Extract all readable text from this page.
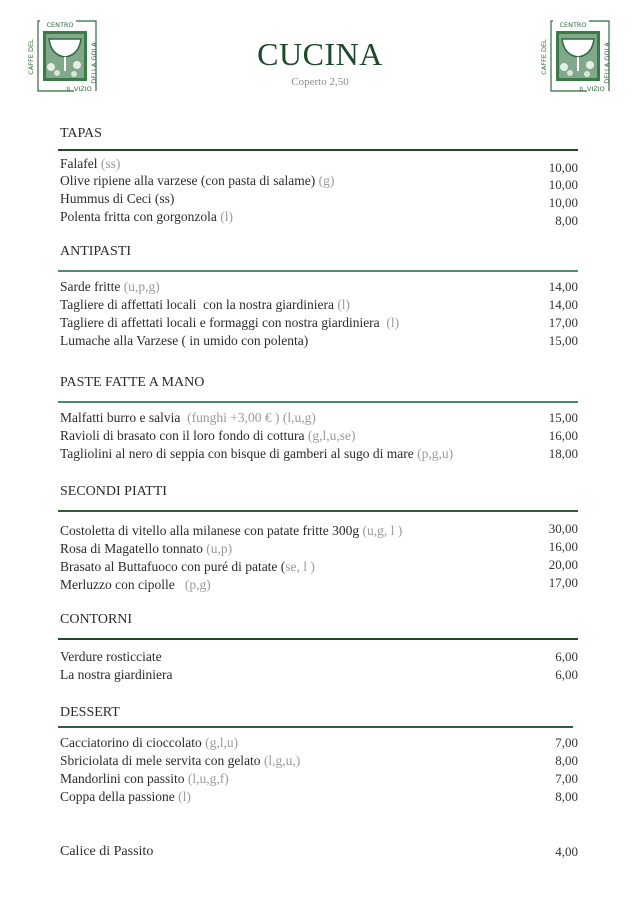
CAFFE DEL
CENTRO
IL VIZIO
DELLA GOLA	CAFFE DEL
CENTRO
IL VIZIO
DELLA GOLA
CUCINA
Coperto 2,50
TAPAS
Falafel (ss)	10,00
Olive ripiene alla varzese (con pasta di salame) (g)	10,00
Hummus di Ceci (ss)	10,00
Polenta fritta con gorgonzola (l)	8,00
ANTIPASTI
Sarde fritte (u,p,g)	14,00
Tagliere di affettati locali  con la nostra giardiniera (l)	14,00
Tagliere di affettati locali e formaggi con nostra giardiniera  (l)	17,00
Lumache alla Varzese ( in umido con polenta)	15,00
PASTE FATTE A MANO
Malfatti burro e salvia  (funghi +3,00 € ) (l,u,g)	15,00
Ravioli di brasato con il loro fondo di cottura (g,l,u,se)	16,00
Tagliolini al nero di seppia con bisque di gamberi al sugo di mare (p,g,u)	18,00
SECONDI PIATTI
Costoletta di vitello alla milanese con patate fritte 300g (u,g, l )	30,00
Rosa di Magatello tonnato (u,p)	16,00
Brasato al Buttafuoco con puré di patate (se, l )	20,00
Merluzzo con cipolle   (p,g)	17,00
CONTORNI
Verdure rosticciate	6,00
La nostra giardiniera	6,00
DESSERT
Cacciatorino di cioccolato (g,l,u)	7,00
Sbriciolata di mele servita con gelato (l,g,u,)	8,00
Mandorlini con passito (l,u,g,f)	7,00
Coppa della passione (l)	8,00
Calice di Passito	4,00
